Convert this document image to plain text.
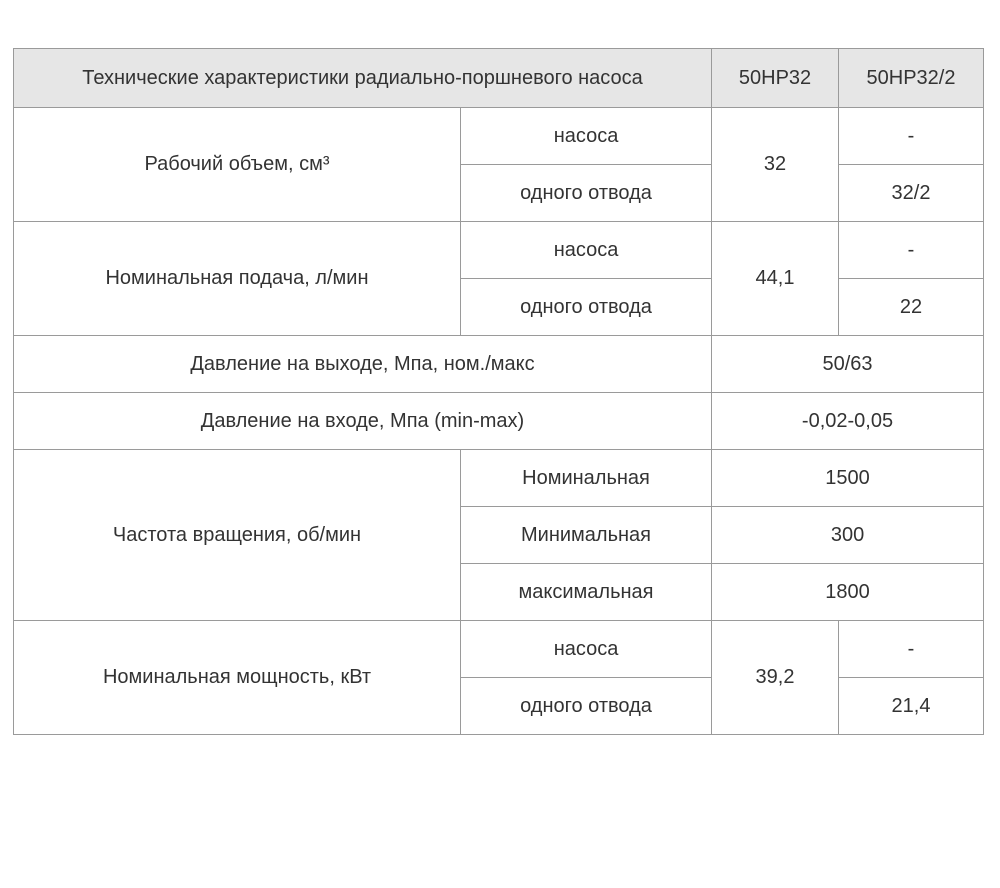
Технические характеристики радиально-поршневого насоса		50HP32	50HP32/2
Рабочий объем, см³	насоса	32	-
	одного отвода		32/2
Номинальная подача, л/мин	насоса	44,1	-
	одного отвода		22
Давление на выходе, Мпа, ном./макс		50/63	
Давление на входе, Мпа (min-max)		-0,02-0,05	
Частота вращения, об/мин	Номинальная	1500	
	Минимальная	300	
	максимальная	1800	
Номинальная мощность, кВт	насоса	39,2	-
	одного отвода		21,4
